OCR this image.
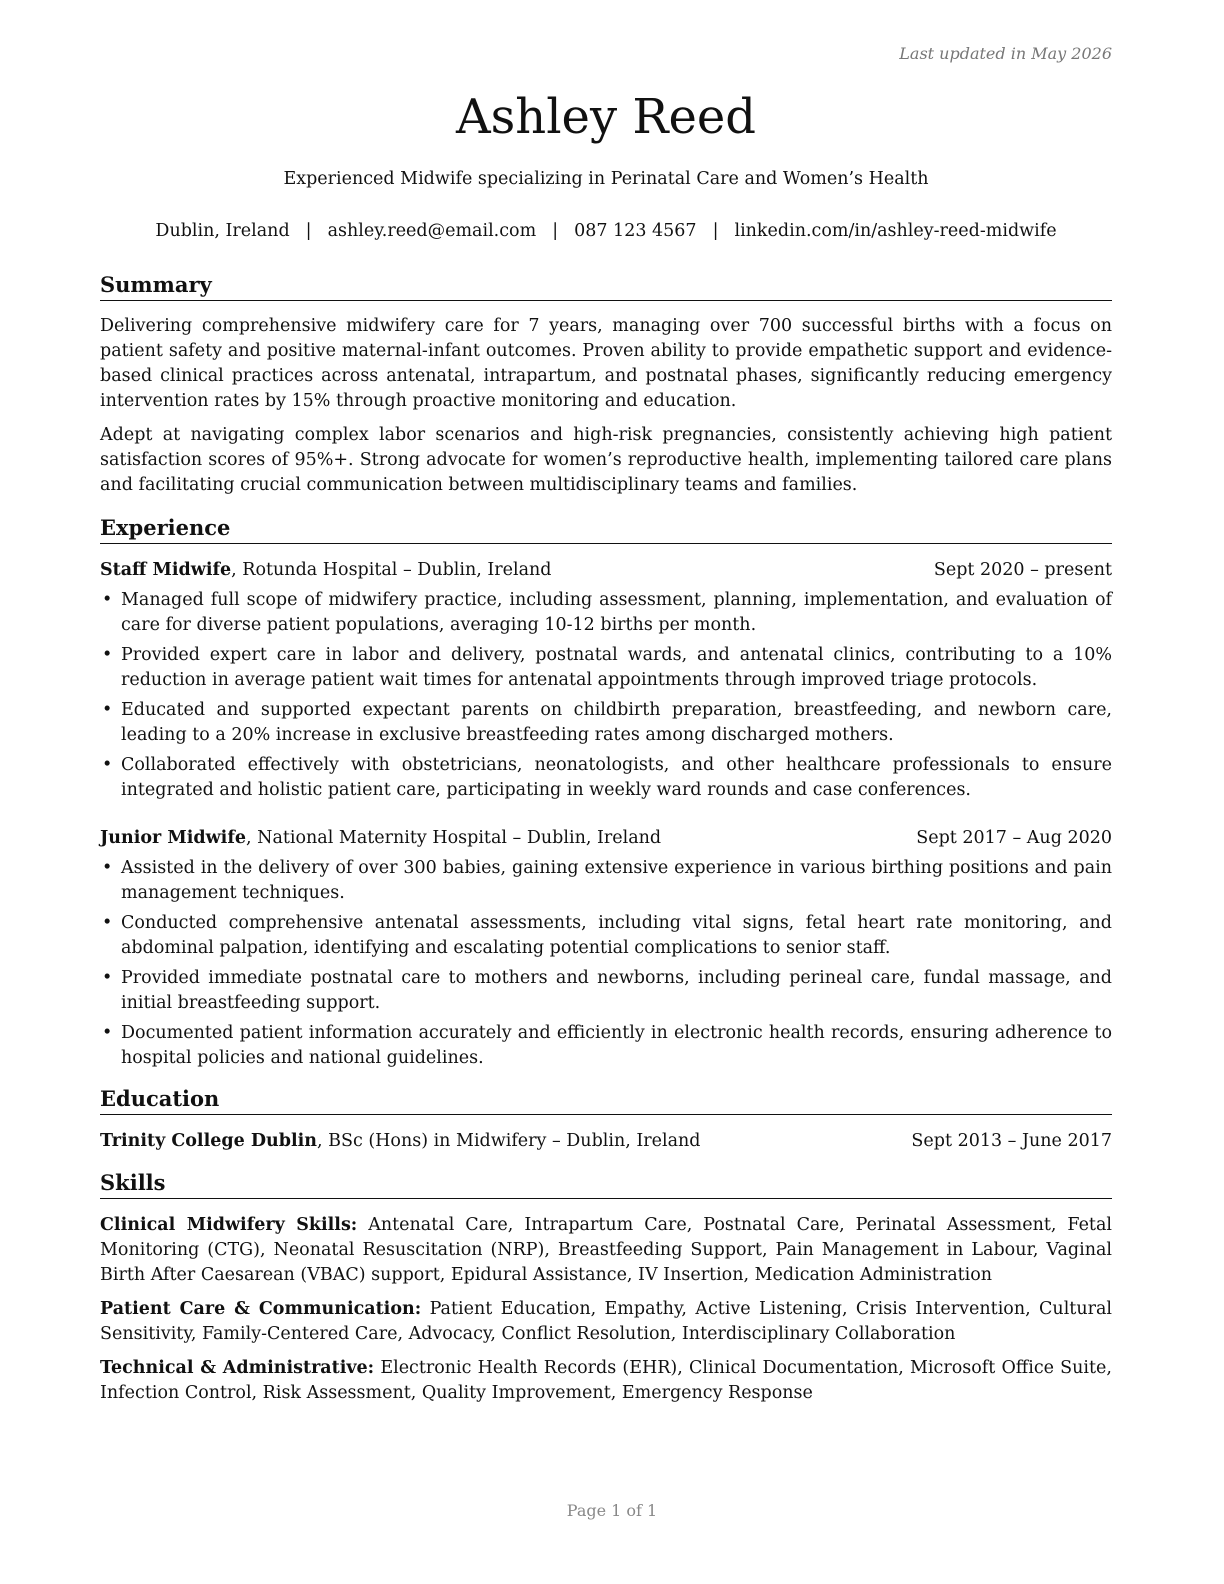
Last updated in May 2026
Ashley Reed
Experienced Midwife specializing in Perinatal Care and Women’s Health
Dublin, Ireland | ashley.reed@email.com | 087 123 4567 | linkedin.com/in/ashley-reed-midwife
Summary

Delivering comprehensive midwifery care for 7 years, managing over 700 successful births with a focus on patient safety and positive maternal-infant outcomes. Proven ability to provide empathetic support and evidence-based clinical practices across antenatal, intrapartum, and postnatal phases, significantly reducing emergency intervention rates by 15% through proactive monitoring and education.

Adept at navigating complex labor scenarios and high-risk pregnancies, consistently achieving high patient satisfaction scores of 95%+. Strong advocate for women’s reproductive health, implementing tailored care plans and facilitating crucial communication between multidisciplinary teams and families.

Experience
Staff Midwife, Rotunda Hospital – Dublin, Ireland	Sept 2020 – present
• Managed full scope of midwifery practice, including assessment, planning, implementation, and evaluation of care for diverse patient populations, averaging 10-12 births per month.
• Provided expert care in labor and delivery, postnatal wards, and antenatal clinics, contributing to a 10% reduction in average patient wait times for antenatal appointments through improved triage protocols.
• Educated and supported expectant parents on childbirth preparation, breastfeeding, and newborn care, leading to a 20% increase in exclusive breastfeeding rates among discharged mothers.
• Collaborated effectively with obstetricians, neonatologists, and other healthcare professionals to ensure integrated and holistic patient care, participating in weekly ward rounds and case conferences.
Junior Midwife, National Maternity Hospital – Dublin, Ireland	Sept 2017 – Aug 2020
• Assisted in the delivery of over 300 babies, gaining extensive experience in various birthing positions and pain management techniques.
• Conducted comprehensive antenatal assessments, including vital signs, fetal heart rate monitoring, and abdominal palpation, identifying and escalating potential complications to senior staff.
• Provided immediate postnatal care to mothers and newborns, including perineal care, fundal massage, and initial breastfeeding support.
• Documented patient information accurately and efficiently in electronic health records, ensuring adherence to hospital policies and national guidelines.
Education
Trinity College Dublin, BSc (Hons) in Midwifery – Dublin, Ireland	Sept 2013 – June 2017
Skills

Clinical Midwifery Skills: Antenatal Care, Intrapartum Care, Postnatal Care, Perinatal Assessment, Fetal Monitoring (CTG), Neonatal Resuscitation (NRP), Breastfeeding Support, Pain Management in Labour, Vaginal Birth After Caesarean (VBAC) support, Epidural Assistance, IV Insertion, Medication Administration

Patient Care & Communication: Patient Education, Empathy, Active Listening, Crisis Intervention, Cultural Sensitivity, Family-Centered Care, Advocacy, Conflict Resolution, Interdisciplinary Collaboration

Technical & Administrative: Electronic Health Records (EHR), Clinical Documentation, Microsoft Office Suite, Infection Control, Risk Assessment, Quality Improvement, Emergency Response

Page 1 of 1
